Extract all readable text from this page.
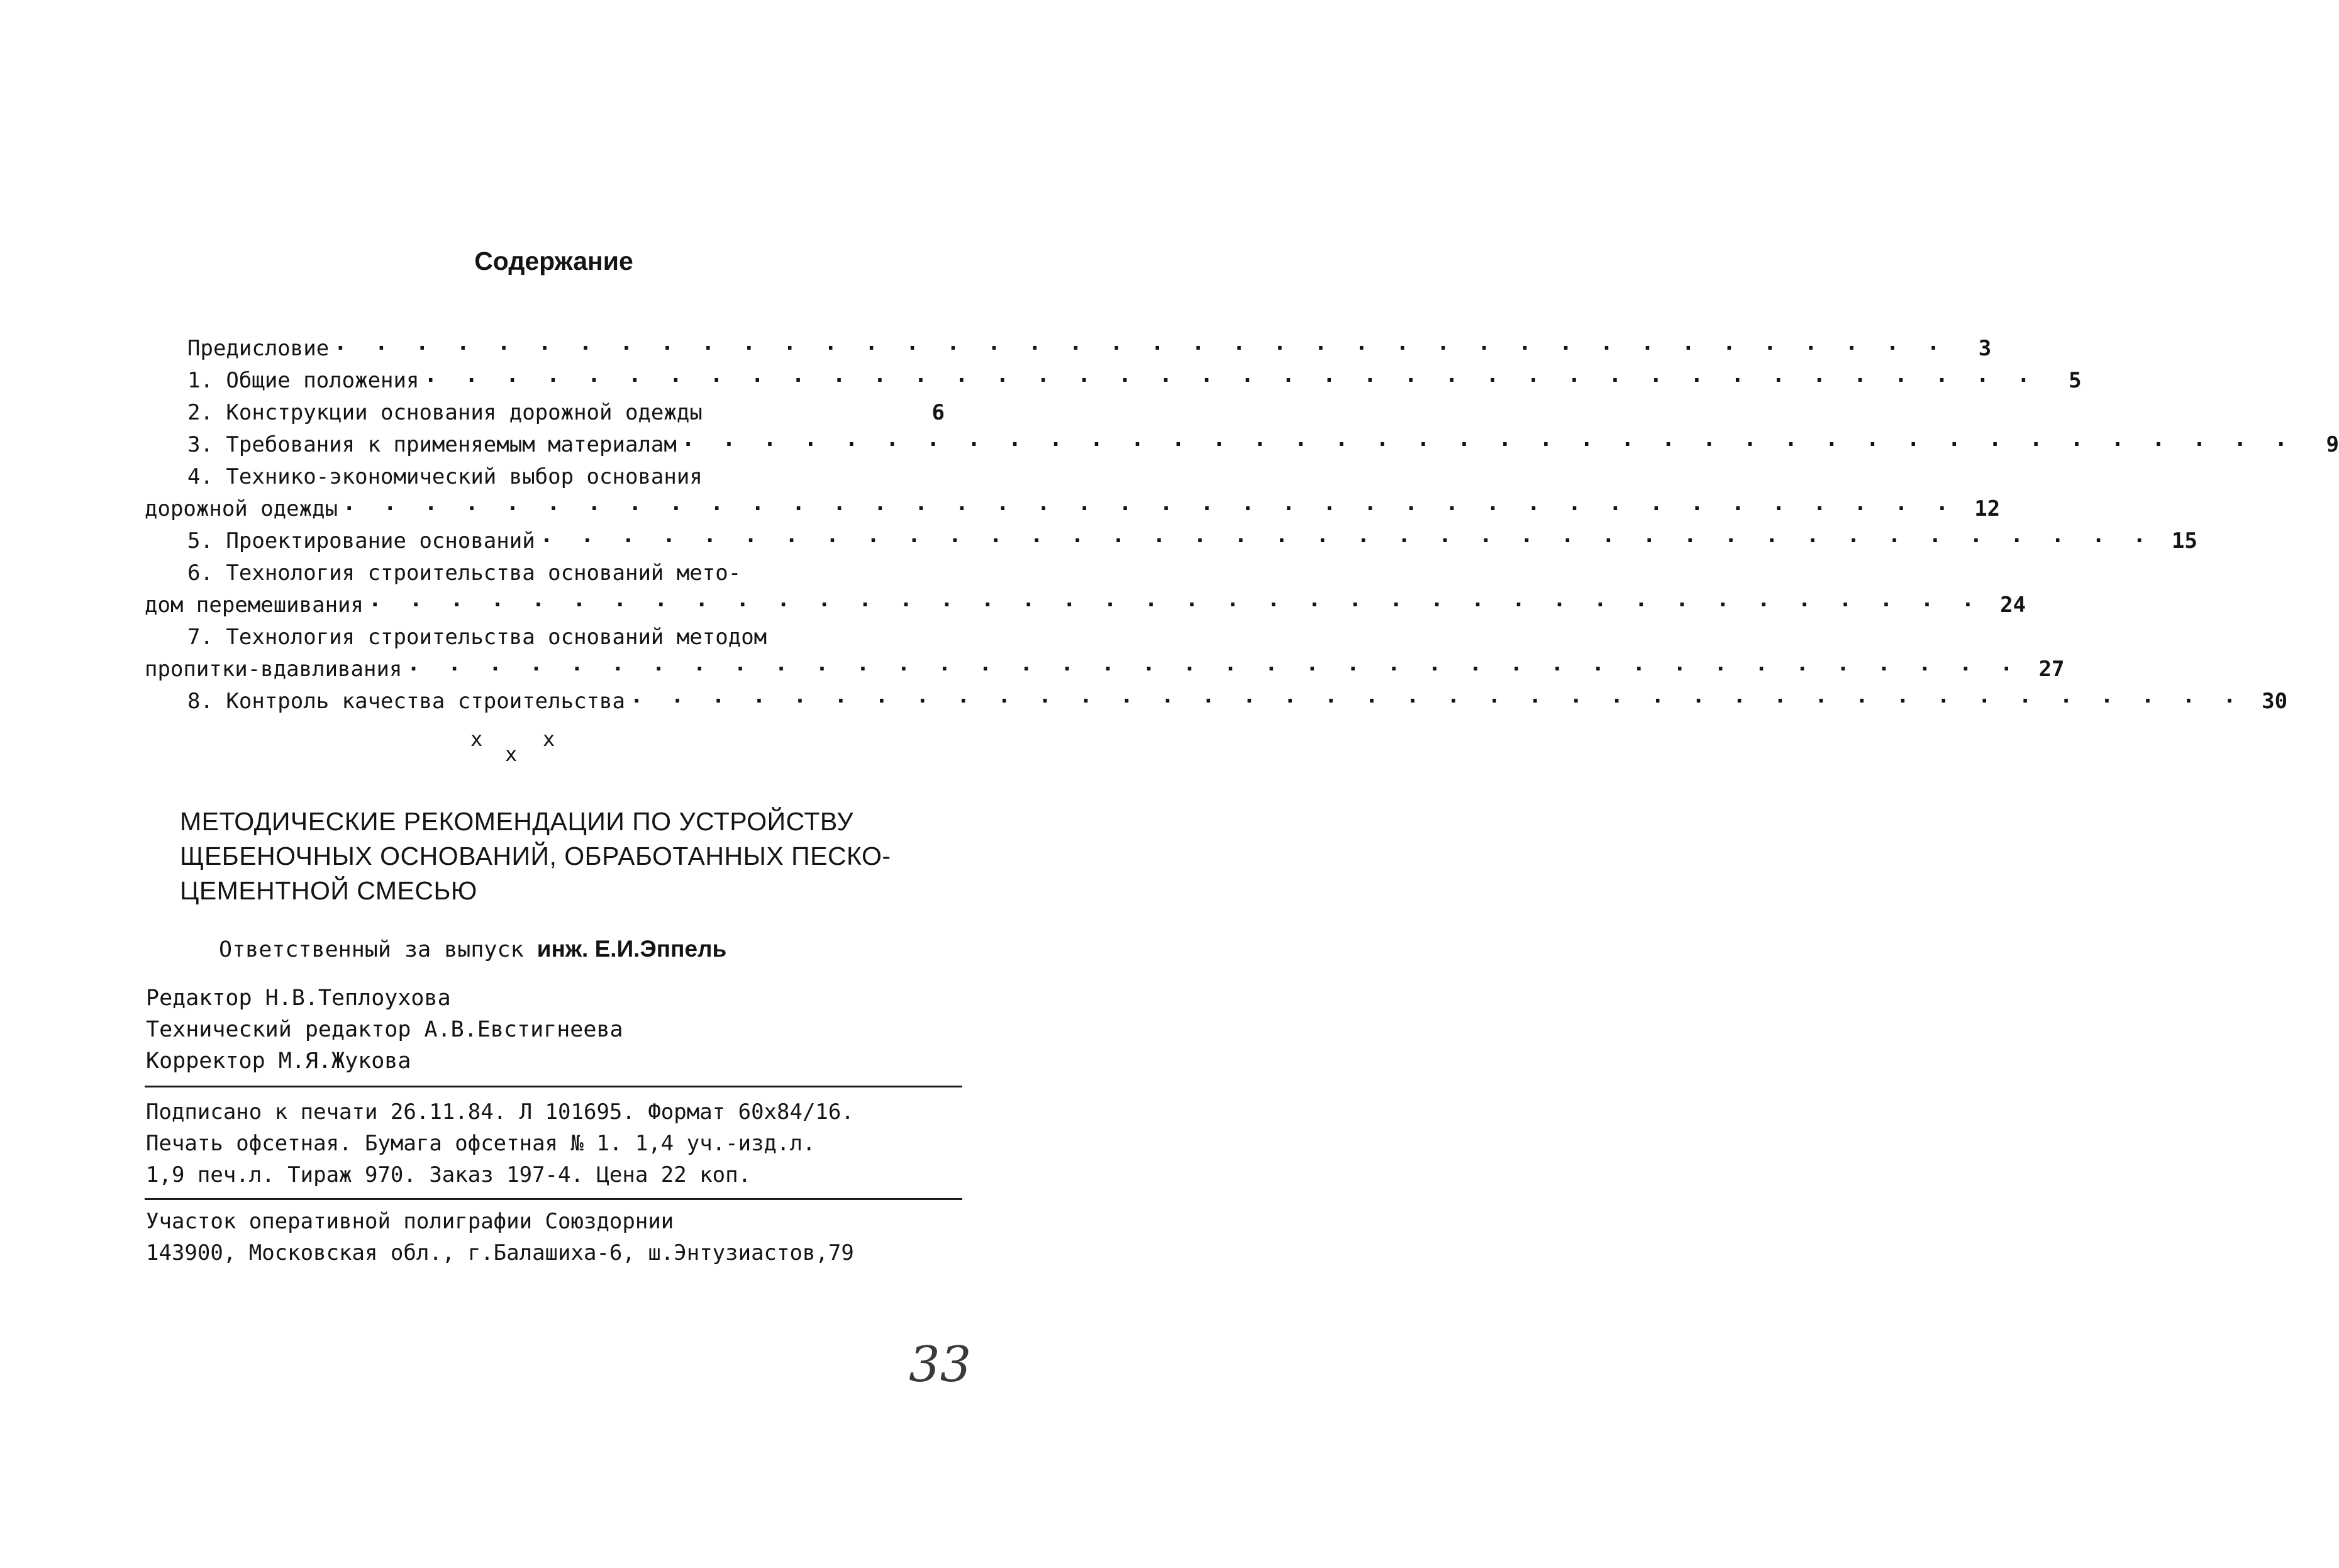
Содержание
Предисловие · · · · · · · · · · · · · · · · · · · · · · · · · · · · · · · · · · · · · · · ·	3
1. Общие положения · · · · · · · · · · · · · · · · · · · · · · · · · · · · · · · · · · · · · · · ·	5
2. Конструкции основания дорожной одежды	6
3. Требования к применяемым материалам · · · · · · · · · · · · · · · · · · · · · · · · · · · · · · · · · · · · · · · ·	9
4. Технико-экономический выбор основания
дорожной одежды · · · · · · · · · · · · · · · · · · · · · · · · · · · · · · · · · · · · · · · · 12
5. Проектирование оснований · · · · · · · · · · · · · · · · · · · · · · · · · · · · · · · · · · · · · · · · 15
6. Технология строительства оснований мето-
дом перемешивания · · · · · · · · · · · · · · · · · · · · · · · · · · · · · · · · · · · · · · · · 24
7. Технология строительства оснований методом
пропитки-вдавливания · · · · · · · · · · · · · · · · · · · · · · · · · · · · · · · · · · · · · · · · 27
8. Контроль качества строительства · · · · · · · · · · · · · · · · · · · · · · · · · · · · · · · · · · · · · · · · 30
x
x
x
МЕТОДИЧЕСКИЕ РЕКОМЕНДАЦИИ ПО УСТРОЙСТВУ
ЩЕБЕНОЧНЫХ ОСНОВАНИЙ, ОБРАБОТАННЫХ ПЕСКО-
ЦЕМЕНТНОЙ СМЕСЬЮ
Ответственный за выпуск инж. Е.И.Эппель
Редактор Н.В.Теплоухова
Технический редактор А.В.Евстигнеева
Корректор М.Я.Жукова
Подписано к печати 26.11.84. Л 101695. Формат 60х84/16.
Печать офсетная. Бумага офсетная № 1. 1,4 уч.-изд.л.
1,9 печ.л. Тираж 970. Заказ 197-4. Цена 22 коп.
Участок оперативной полиграфии Союздорнии
143900, Московская обл., г.Балашиха-6, ш.Энтузиастов,79
33
